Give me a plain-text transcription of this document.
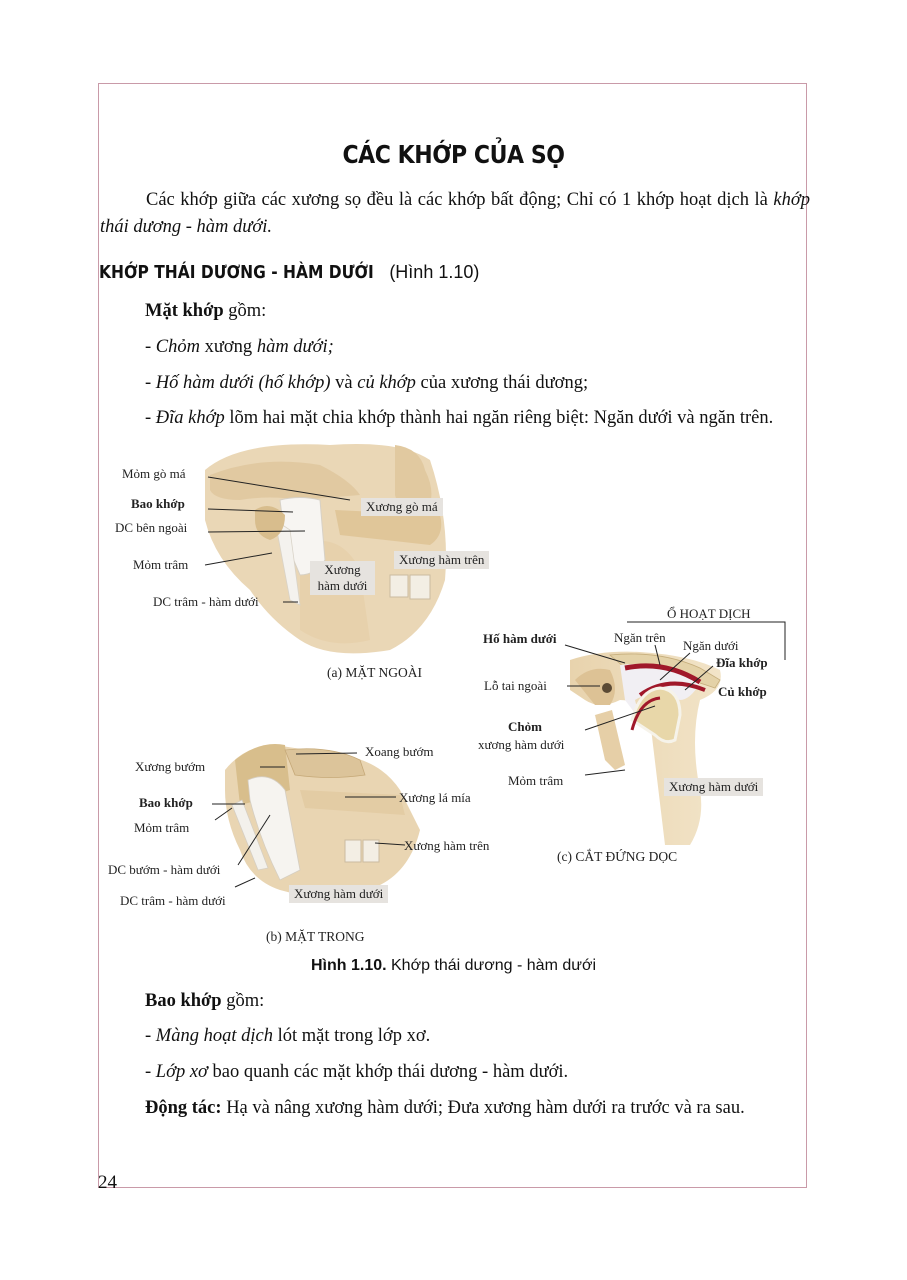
CÁC KHỚP CỦA SỌ
Các khớp giữa các xương sọ đều là các khớp bất động; Chỉ có 1 khớp hoạt dịch là khớp thái dương - hàm dưới.
KHỚP THÁI DƯƠNG - HÀM DƯỚI (Hình 1.10)
Mặt khớp gồm:
- Chỏm xương hàm dưới;
- Hố hàm dưới (hố khớp) và củ khớp của xương thái dương;
- Đĩa khớp lõm hai mặt chia khớp thành hai ngăn riêng biệt: Ngăn dưới và ngăn trên.
Mỏm gò má
Bao khớp
DC bên ngoài
Mỏm trâm
DC trâm - hàm dưới
Xương gò má
Xương hàm trên
Xương
hàm dưới
(a) MẶT NGOÀI
Xương bướm
Bao khớp
Mỏm trâm
DC bướm - hàm dưới
DC trâm - hàm dưới
Xoang bướm
Xương lá mía
Xương hàm trên
Xương hàm dưới
(b) MẶT TRONG
Ổ HOẠT DỊCH
Hố hàm dưới	Ngăn trên
Ngăn dưới
Đĩa khớp
Lỗ tai ngoài	Củ khớp
Chỏm
xương hàm dưới
Mỏm trâm	Xương hàm dưới
(c) CẮT ĐỨNG DỌC
Hình 1.10. Khớp thái dương - hàm dưới
Bao khớp gồm:
- Màng hoạt dịch lót mặt trong lớp xơ.
- Lớp xơ bao quanh các mặt khớp thái dương - hàm dưới.
Động tác: Hạ và nâng xương hàm dưới; Đưa xương hàm dưới ra trước và ra sau.
24
